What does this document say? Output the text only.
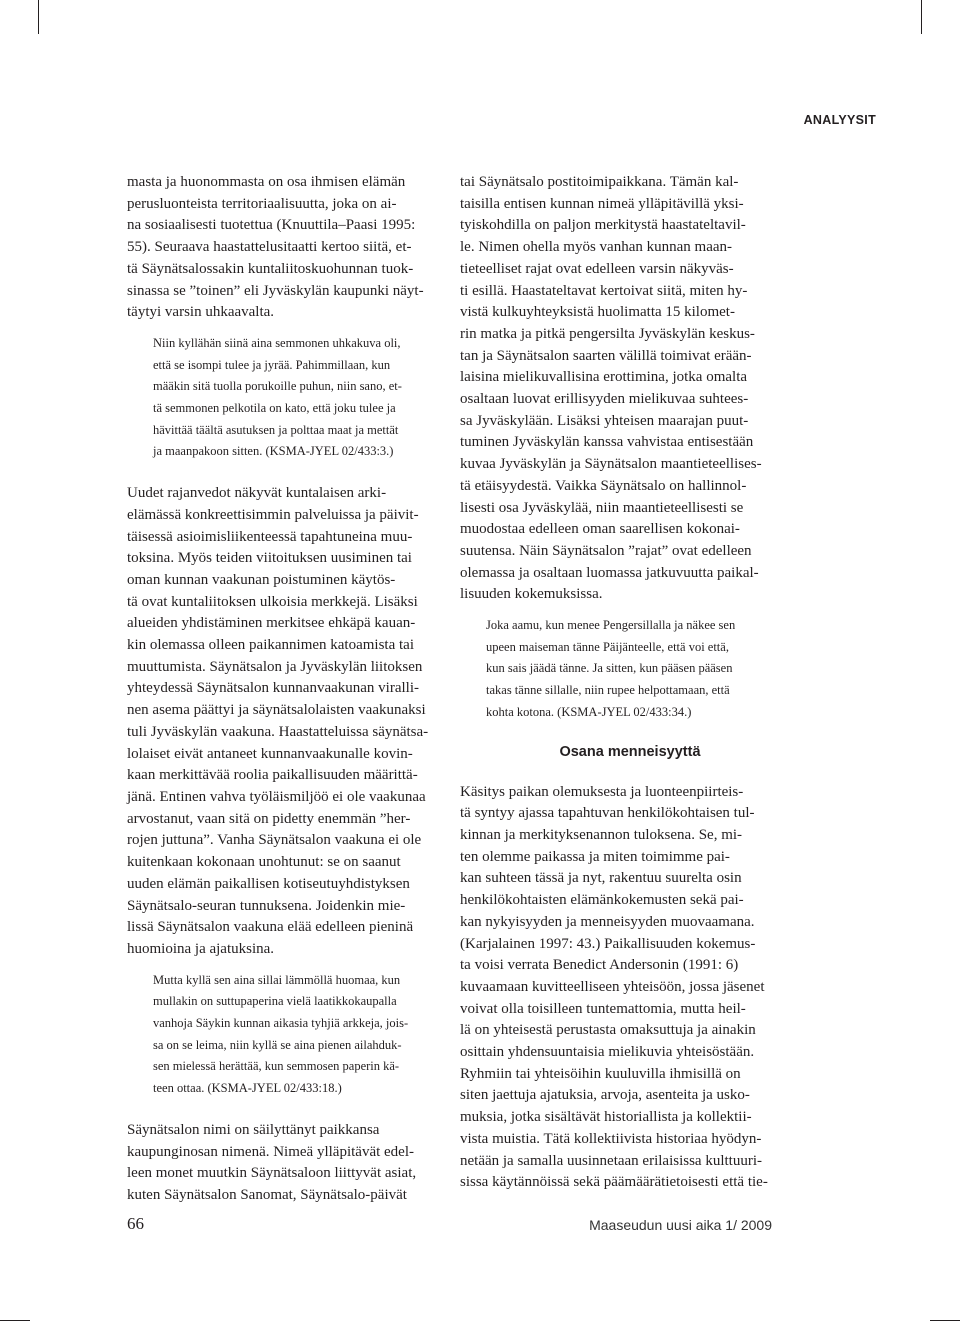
ANALYYSIT
masta ja huonommasta on osa ihmisen elämän
perusluonteista territoriaalisuutta, joka on ai-
na sosiaalisesti tuotettua (Knuuttila–Paasi 1995:
55). Seuraava haastattelusitaatti kertoo siitä, et-
tä Säynätsalossakin kuntaliitoskuohunnan tuok-
sinassa se ”toinen” eli Jyväskylän kaupunki näyt-
täytyi varsin uhkaavalta.
Niin kyllähän siinä aina semmonen uhkakuva oli,
että se isompi tulee ja jyrää. Pahimmillaan, kun
määkin sitä tuolla porukoille puhun, niin sano, et-
tä semmonen pelkotila on kato, että joku tulee ja
hävittää täältä asutuksen ja polttaa maat ja mettät
ja maanpakoon sitten. (KSMA-JYEL 02/433:3.)
Uudet rajanvedot näkyvät kuntalaisen arki-
elämässä konkreettisimmin palveluissa ja päivit-
täisessä asioimisliikenteessä tapahtuneina muu-
toksina. Myös teiden viitoituksen uusiminen tai
oman kunnan vaakunan poistuminen käytös-
tä ovat kuntaliitoksen ulkoisia merkkejä. Lisäksi
alueiden yhdistäminen merkitsee ehkäpä kauan-
kin olemassa olleen paikannimen katoamista tai
muuttumista. Säynätsalon ja Jyväskylän liitoksen
yhteydessä Säynätsalon kunnanvaakunan viralli-
nen asema päättyi ja säynätsalolaisten vaakunaksi
tuli Jyväskylän vaakuna. Haastatteluissa säynätsa-
lolaiset eivät antaneet kunnanvaakunalle kovin-
kaan merkittävää roolia paikallisuuden määrittä-
jänä. Entinen vahva työläismiljöö ei ole vaakunaa
arvostanut, vaan sitä on pidetty enemmän ”her-
rojen juttuna”. Vanha Säynätsalon vaakuna ei ole
kuitenkaan kokonaan unohtunut: se on saanut
uuden elämän paikallisen kotiseutuyhdistyksen
Säynätsalo-seuran tunnuksena. Joidenkin mie-
lissä Säynätsalon vaakuna elää edelleen pieninä
huomioina ja ajatuksina.
Mutta kyllä sen aina sillai lämmöllä huomaa, kun
mullakin on suttupaperina vielä laatikkokaupalla
vanhoja Säykin kunnan aikasia tyhjiä arkkeja, jois-
sa on se leima, niin kyllä se aina pienen ailahduk-
sen mielessä herättää, kun semmosen paperin kä-
teen ottaa. (KSMA-JYEL 02/433:18.)
Säynätsalon nimi on säilyttänyt paikkansa
kaupunginosan nimenä. Nimeä ylläpitävät edel-
leen monet muutkin Säynätsaloon liittyvät asiat,
kuten Säynätsalon Sanomat, Säynätsalo-päivät
tai Säynätsalo postitoimipaikkana. Tämän kal-
taisilla entisen kunnan nimeä ylläpitävillä yksi-
tyiskohdilla on paljon merkitystä haastateltavil-
le. Nimen ohella myös vanhan kunnan maan-
tieteelliset rajat ovat edelleen varsin näkyväs-
ti esillä. Haastateltavat kertoivat siitä, miten hy-
vistä kulkuyhteyksistä huolimatta 15 kilomet-
rin matka ja pitkä pengersilta Jyväskylän keskus-
tan ja Säynätsalon saarten välillä toimivat erään-
laisina mielikuvallisina erottimina, jotka omalta
osaltaan luovat erillisyyden mielikuvaa suhtees-
sa Jyväskylään. Lisäksi yhteisen maarajan puut-
tuminen Jyväskylän kanssa vahvistaa entisestään
kuvaa Jyväskylän ja Säynätsalon maantieteellises-
tä etäisyydestä. Vaikka Säynätsalo on hallinnol-
lisesti osa Jyväskylää, niin maantieteellisesti se
muodostaa edelleen oman saarellisen kokonai-
suutensa. Näin Säynätsalon ”rajat” ovat edelleen
olemassa ja osaltaan luomassa jatkuvuutta paikal-
lisuuden kokemuksissa.
Joka aamu, kun menee Pengersillalla ja näkee sen
upeen maiseman tänne Päijänteelle, että voi että,
kun sais jäädä tänne. Ja sitten, kun pääsen pääsen
takas tänne sillalle, niin rupee helpottamaan, että
kohta kotona. (KSMA-JYEL 02/433:34.)
Osana menneisyyttä
Käsitys paikan olemuksesta ja luonteenpiirteis-
tä syntyy ajassa tapahtuvan henkilökohtaisen tul-
kinnan ja merkityksenannon tuloksena. Se, mi-
ten olemme paikassa ja miten toimimme pai-
kan suhteen tässä ja nyt, rakentuu suurelta osin
henkilökohtaisten elämänkokemusten sekä pai-
kan nykyisyyden ja menneisyyden muovaamana.
(Karjalainen 1997: 43.) Paikallisuuden kokemus-
ta voisi verrata Benedict Andersonin (1991: 6)
kuvaamaan kuvitteelliseen yhteisöön, jossa jäsenet
voivat olla toisilleen tuntemattomia, mutta heil-
lä on yhteisestä perustasta omaksuttuja ja ainakin
osittain yhdensuuntaisia mielikuvia yhteisöstään.
Ryhmiin tai yhteisöihin kuuluvilla ihmisillä on
siten jaettuja ajatuksia, arvoja, asenteita ja usko-
muksia, jotka sisältävät historiallista ja kollektii-
vista muistia. Tätä kollektiivista historiaa hyödyn-
netään ja samalla uusinnetaan erilaisissa kulttuuri-
sissa käytännöissä sekä päämäärätietoisesti että tie-
66	Maaseudun uusi aika 1/ 2009
